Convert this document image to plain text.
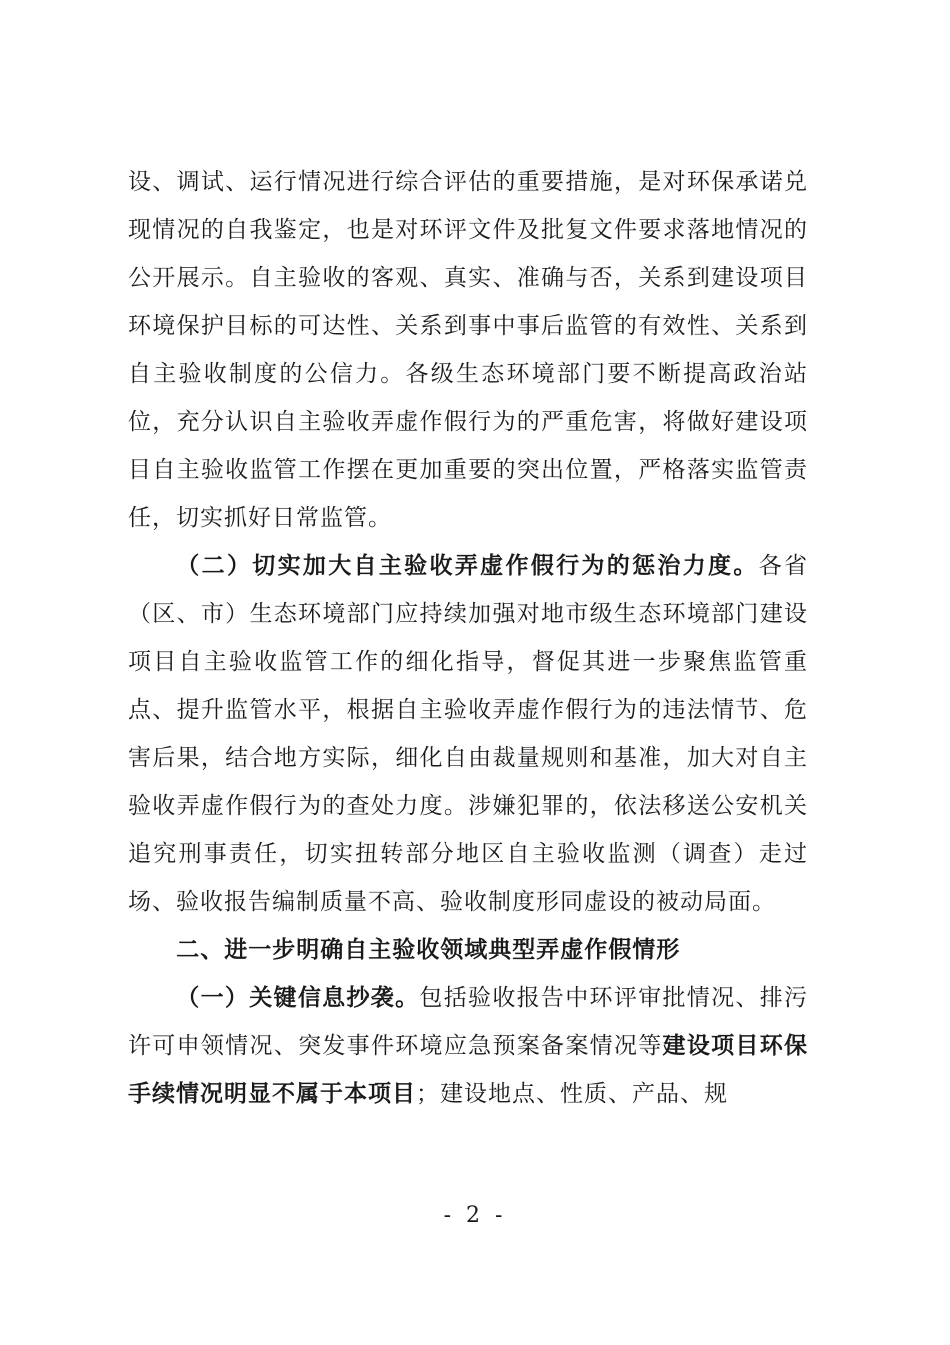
设、调试、运行情况进行综合评估的重要措施，是对环保承诺兑现情况的自我鉴定，也是对环评文件及批复文件要求落地情况的公开展示。自主验收的客观、真实、准确与否，关系到建设项目环境保护目标的可达性、关系到事中事后监管的有效性、关系到自主验收制度的公信力。各级生态环境部门要不断提高政治站位，充分认识自主验收弄虚作假行为的严重危害，将做好建设项目自主验收监管工作摆在更加重要的突出位置，严格落实监管责任，切实抓好日常监管。

（二）切实加大自主验收弄虚作假行为的惩治力度。各省（区、市）生态环境部门应持续加强对地市级生态环境部门建设项目自主验收监管工作的细化指导，督促其进一步聚焦监管重点、提升监管水平，根据自主验收弄虚作假行为的违法情节、危害后果，结合地方实际，细化自由裁量规则和基准，加大对自主验收弄虚作假行为的查处力度。涉嫌犯罪的，依法移送公安机关追究刑事责任，切实扭转部分地区自主验收监测（调查）走过场、验收报告编制质量不高、验收制度形同虚设的被动局面。

二、进一步明确自主验收领域典型弄虚作假情形

（一）关键信息抄袭。包括验收报告中环评审批情况、排污许可申领情况、突发事件环境应急预案备案情况等建设项目环保手续情况明显不属于本项目；建设地点、性质、产品、规

- 2 -
